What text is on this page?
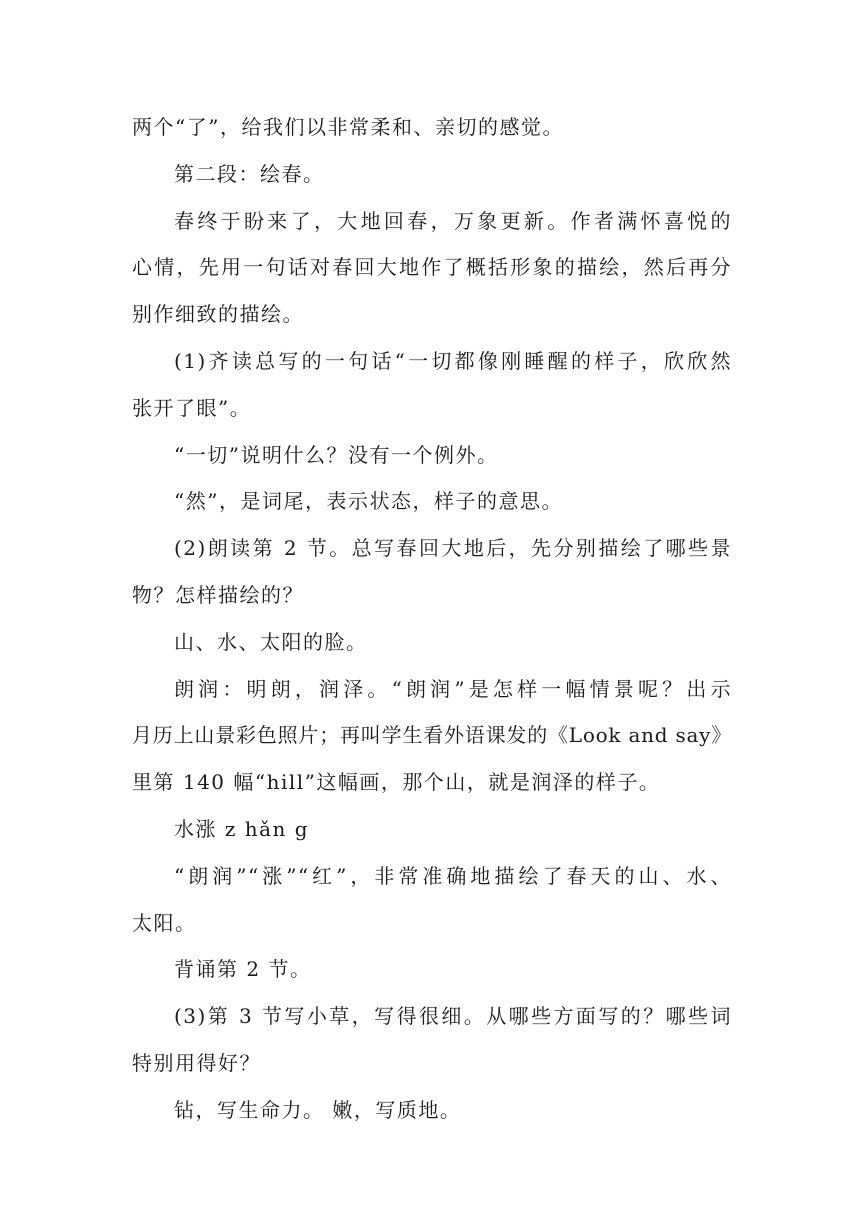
两个“了”，给我们以非常柔和、亲切的感觉。
第二段：绘春。
春终于盼来了，大地回春，万象更新。作者满怀喜悦的
心情，先用一句话对春回大地作了概括形象的描绘，然后再分
别作细致的描绘。
(1)齐读总写的一句话“一切都像刚睡醒的样子，欣欣然
张开了眼”。
“一切”说明什么？没有一个例外。
“然”，是词尾，表示状态，样子的意思。
(2)朗读第 2 节。总写春回大地后，先分别描绘了哪些景
物？怎样描绘的？
山、水、太阳的脸。
朗润：明朗，润泽。“朗润”是怎样一幅情景呢？出示
月历上山景彩色照片；再叫学生看外语课发的《Look and say》
里第 140 幅“hill”这幅画，那个山，就是润泽的样子。
水涨 z hǎn g
“朗润”“涨”“红”，非常准确地描绘了春天的山、水、
太阳。
背诵第 2 节。
(3)第 3 节写小草，写得很细。从哪些方面写的？哪些词
特别用得好？
钻，写生命力。 嫩，写质地。
